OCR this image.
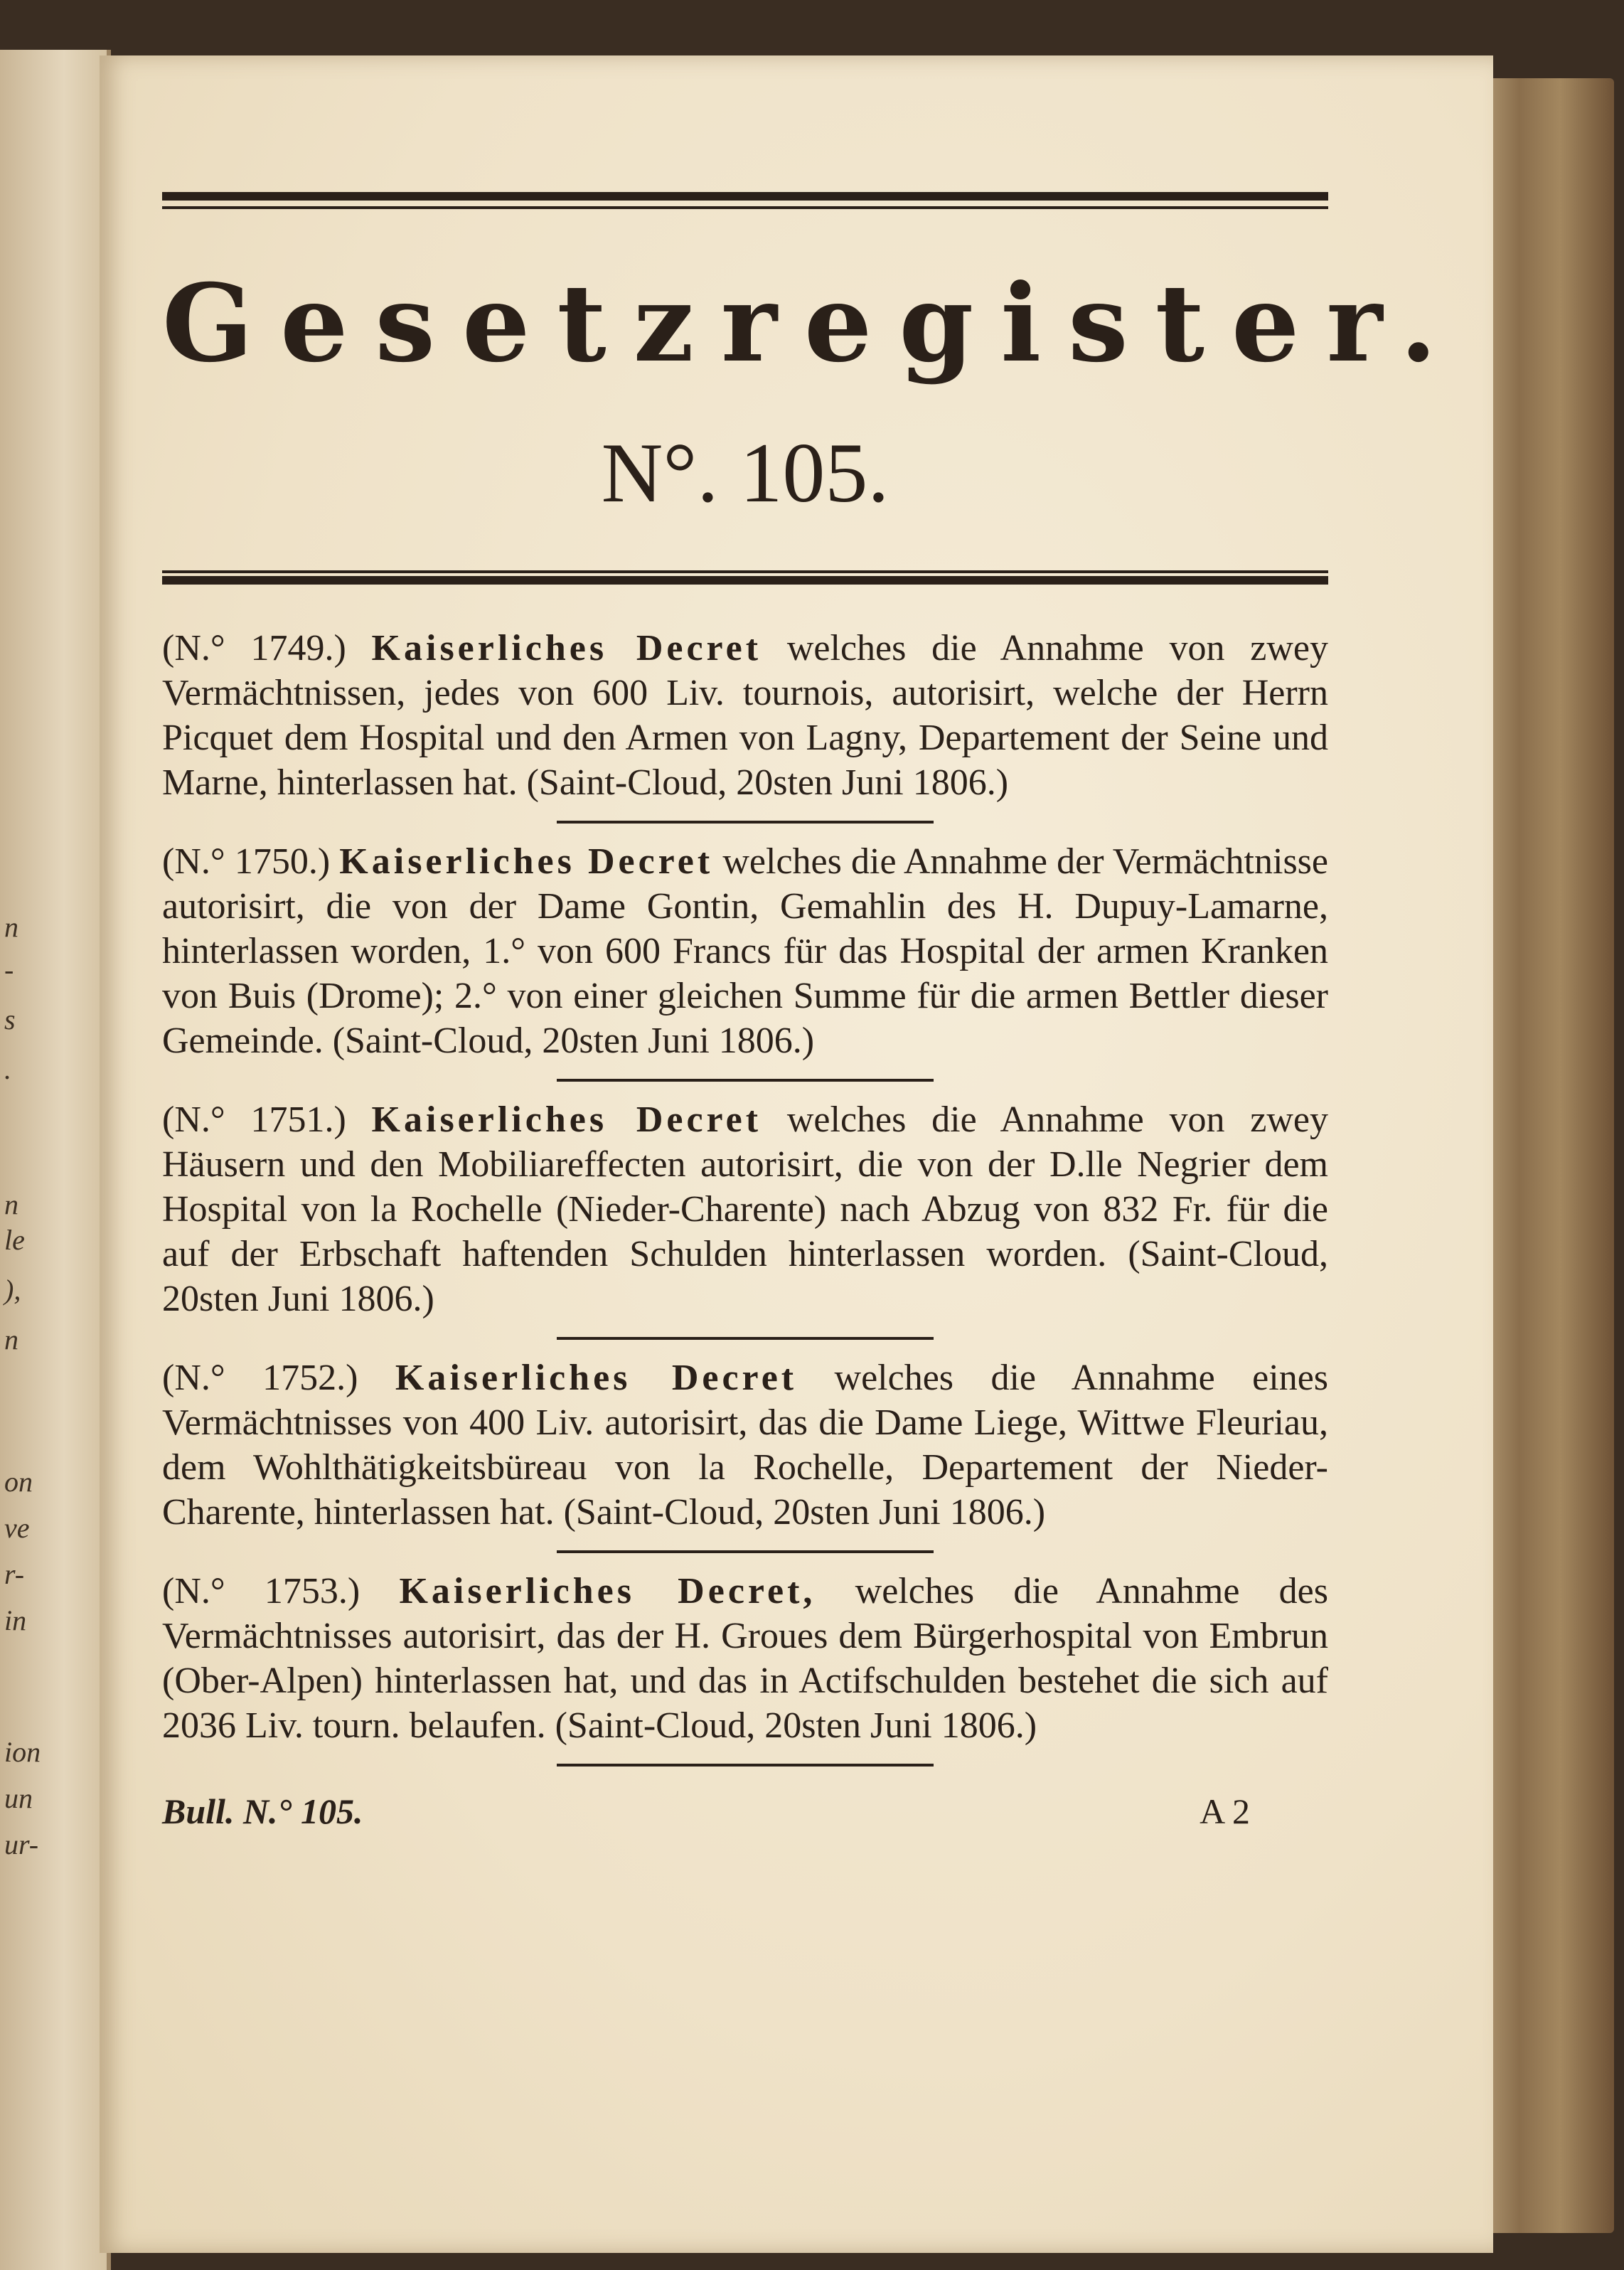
n
-
s
.
n
le
),
n
on
ve
r-
in
ion
un
ur-
Gesetzregister.
N°. 105.
(N.° 1749.) Kaiserliches Decret welches die Annahme von zwey Vermächtnissen, jedes von 600 Liv. tournois, autorisirt, welche der Herrn Picquet dem Hospital und den Armen von Lagny, Departement der Seine und Marne, hinterlassen hat. (Saint-Cloud, 20sten Juni 1806.)
(N.° 1750.) Kaiserliches Decret welches die Annahme der Vermächtnisse autorisirt, die von der Dame Gontin, Gemahlin des H. Dupuy-Lamarne, hinterlassen worden, 1.° von 600 Francs für das Hospital der armen Kranken von Buis (Drome); 2.° von einer gleichen Summe für die armen Bettler dieser Gemeinde. (Saint-Cloud, 20sten Juni 1806.)
(N.° 1751.) Kaiserliches Decret welches die Annahme von zwey Häusern und den Mobiliareffecten autorisirt, die von der D.lle Negrier dem Hospital von la Rochelle (Nieder-Charente) nach Abzug von 832 Fr. für die auf der Erbschaft haftenden Schulden hinterlassen worden. (Saint-Cloud, 20sten Juni 1806.)
(N.° 1752.) Kaiserliches Decret welches die Annahme eines Vermächtnisses von 400 Liv. autorisirt, das die Dame Liege, Wittwe Fleuriau, dem Wohlthätigkeitsbüreau von la Rochelle, Departement der Nieder-Charente, hinterlassen hat. (Saint-Cloud, 20sten Juni 1806.)
(N.° 1753.) Kaiserliches Decret, welches die Annahme des Vermächtnisses autorisirt, das der H. Groues dem Bürgerhospital von Embrun (Ober-Alpen) hinterlassen hat, und das in Actifschulden bestehet die sich auf 2036 Liv. tourn. belaufen. (Saint-Cloud, 20sten Juni 1806.)
Bull. N.° 105.	A 2
